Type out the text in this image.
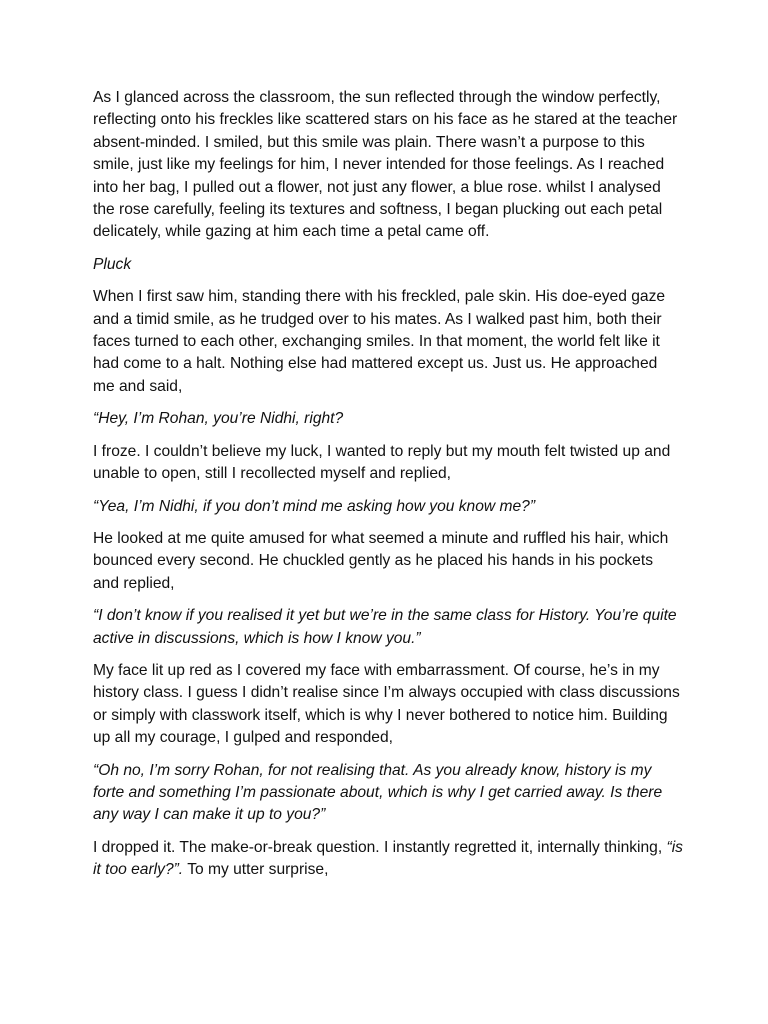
As I glanced across the classroom, the sun reflected through the window perfectly, reflecting onto his freckles like scattered stars on his face as he stared at the teacher absent-minded. I smiled, but this smile was plain. There wasn’t a purpose to this smile, just like my feelings for him, I never intended for those feelings. As I reached into her bag, I pulled out a flower, not just any flower, a blue rose. whilst I analysed the rose carefully, feeling its textures and softness, I began plucking out each petal delicately, while gazing at him each time a petal came off.

Pluck

When I first saw him, standing there with his freckled, pale skin. His doe-eyed gaze and a timid smile, as he trudged over to his mates. As I walked past him, both their faces turned to each other, exchanging smiles. In that moment, the world felt like it had come to a halt. Nothing else had mattered except us. Just us. He approached me and said,

“Hey, I’m Rohan, you’re Nidhi, right?

I froze. I couldn’t believe my luck, I wanted to reply but my mouth felt twisted up and unable to open, still I recollected myself and replied,

“Yea, I’m Nidhi, if you don’t mind me asking how you know me?”

He looked at me quite amused for what seemed a minute and ruffled his hair, which bounced every second. He chuckled gently as he placed his hands in his pockets and replied,

“I don’t know if you realised it yet but we’re in the same class for History. You’re quite active in discussions, which is how I know you.”

My face lit up red as I covered my face with embarrassment. Of course, he’s in my history class. I guess I didn’t realise since I’m always occupied with class discussions or simply with classwork itself, which is why I never bothered to notice him. Building up all my courage, I gulped and responded,

“Oh no, I’m sorry Rohan, for not realising that. As you already know, history is my forte and something I’m passionate about, which is why I get carried away. Is there any way I can make it up to you?”

I dropped it. The make-or-break question. I instantly regretted it, internally thinking, “is it too early?”. To my utter surprise,
